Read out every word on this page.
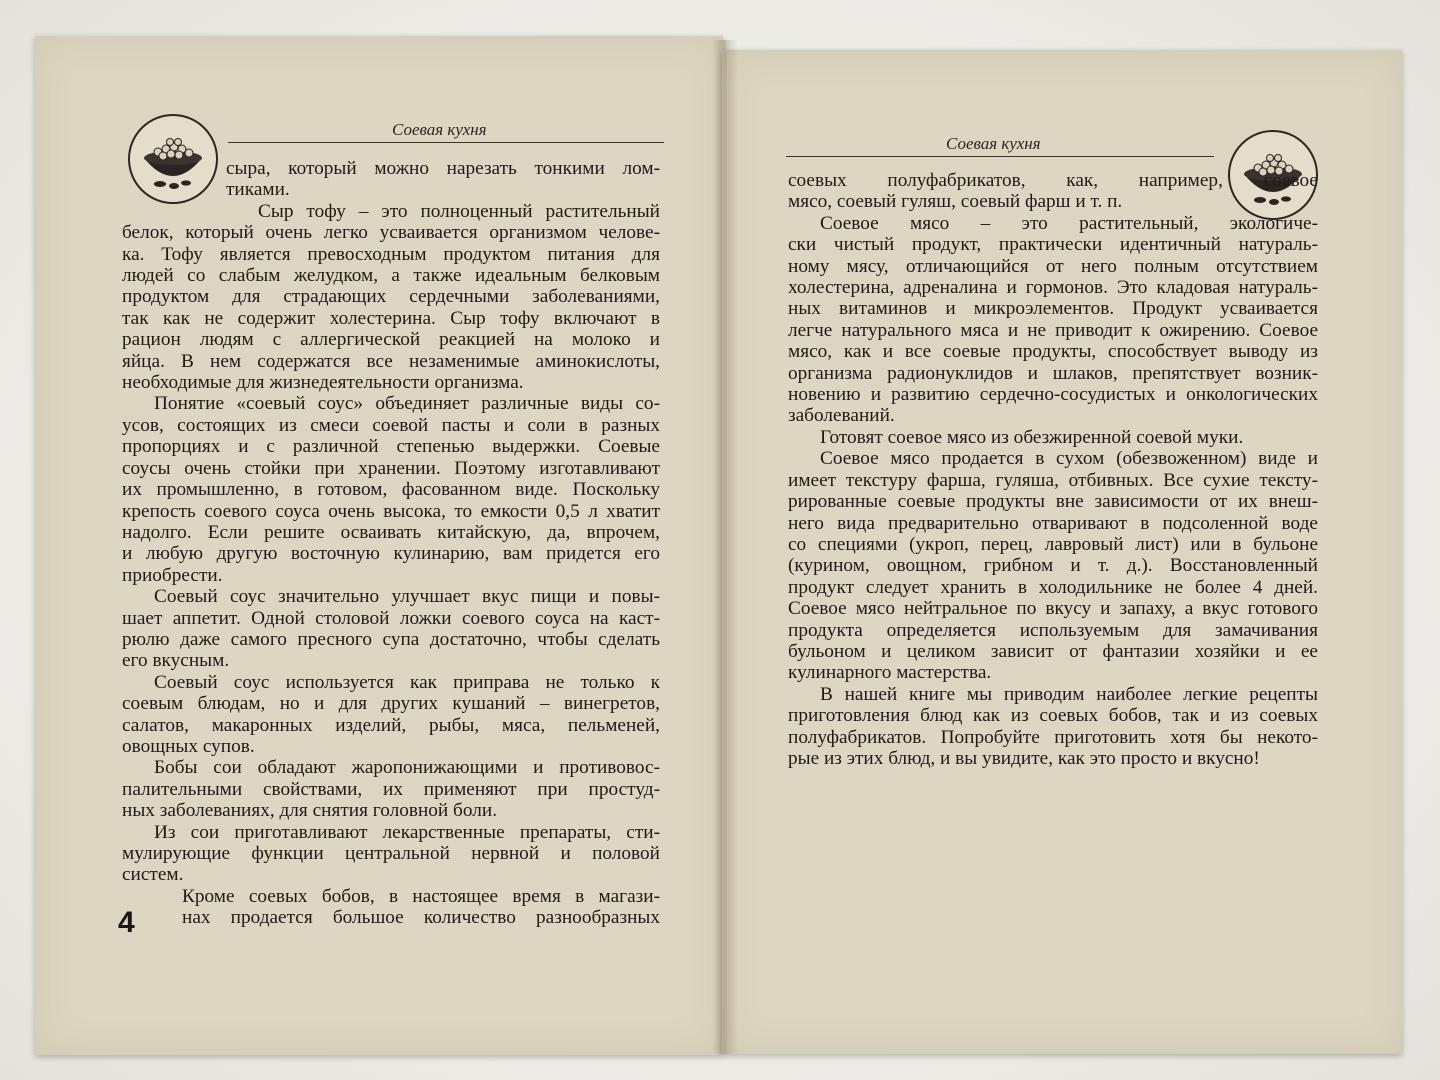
Соевая кухня
сыра, который можно нарезать тонкими лом-
тиками.
Сыр тофу – это полноценный растительный
белок, который очень легко усваивается организмом челове-
ка. Тофу является превосходным продуктом питания для
людей со слабым желудком, а также идеальным белковым
продуктом для страдающих сердечными заболеваниями,
так как не содержит холестерина. Сыр тофу включают в
рацион людям с аллергической реакцией на молоко и
яйца. В нем содержатся все незаменимые аминокислоты,
необходимые для жизнедеятельности организма.
Понятие «соевый соус» объединяет различные виды со-
усов, состоящих из смеси соевой пасты и соли в разных
пропорциях и с различной степенью выдержки. Соевые
соусы очень стойки при хранении. Поэтому изготавливают
их промышленно, в готовом, фасованном виде. Поскольку
крепость соевого соуса очень высока, то емкости 0,5 л хватит
надолго. Если решите осваивать китайскую, да, впрочем,
и любую другую восточную кулинарию, вам придется его
приобрести.
Соевый соус значительно улучшает вкус пищи и повы-
шает аппетит. Одной столовой ложки соевого соуса на каст-
рюлю даже самого пресного супа достаточно, чтобы сделать
его вкусным.
Соевый соус используется как приправа не только к
соевым блюдам, но и для других кушаний – винегретов,
салатов, макаронных изделий, рыбы, мяса, пельменей,
овощных супов.
Бобы сои обладают жаропонижающими и противовос-
палительными свойствами, их применяют при простуд-
ных заболеваниях, для снятия головной боли.
Из сои приготавливают лекарственные препараты, сти-
мулирующие функции центральной нервной и половой
систем.
Кроме соевых бобов, в настоящее время в магази-
нах продается большое количество разнообразных
4
Соевая кухня
соевых полуфабрикатов, как, например, соевое
мясо, соевый гуляш, соевый фарш и т. п.
Соевое мясо – это растительный, экологиче-
ски чистый продукт, практически идентичный натураль-
ному мясу, отличающийся от него полным отсутствием
холестерина, адреналина и гормонов. Это кладовая натураль-
ных витаминов и микроэлементов. Продукт усваивается
легче натурального мяса и не приводит к ожирению. Соевое
мясо, как и все соевые продукты, способствует выводу из
организма радионуклидов и шлаков, препятствует возник-
новению и развитию сердечно-сосудистых и онкологических
заболеваний.
Готовят соевое мясо из обезжиренной соевой муки.
Соевое мясо продается в сухом (обезвоженном) виде и
имеет текстуру фарша, гуляша, отбивных. Все сухие тексту-
рированные соевые продукты вне зависимости от их внеш-
него вида предварительно отваривают в подсоленной воде
со специями (укроп, перец, лавровый лист) или в бульоне
(курином, овощном, грибном и т. д.). Восстановленный
продукт следует хранить в холодильнике не более 4 дней.
Соевое мясо нейтральное по вкусу и запаху, а вкус готового
продукта определяется используемым для замачивания
бульоном и целиком зависит от фантазии хозяйки и ее
кулинарного мастерства.
В нашей книге мы приводим наиболее легкие рецепты
приготовления блюд как из соевых бобов, так и из соевых
полуфабрикатов. Попробуйте приготовить хотя бы некото-
рые из этих блюд, и вы увидите, как это просто и вкусно!
